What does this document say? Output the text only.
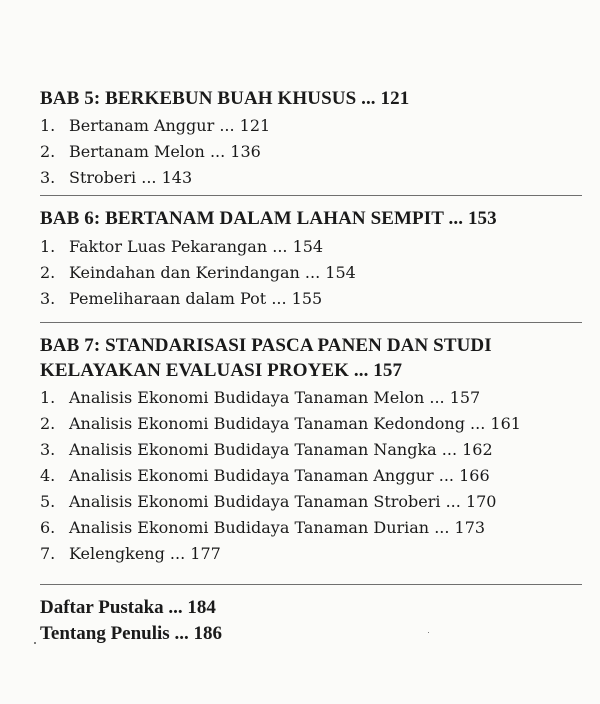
BAB 5: BERKEBUN BUAH KHUSUS ... 121
1. Bertanam Anggur ... 121
2. Bertanam Melon ... 136
3. Stroberi ... 143
BAB 6: BERTANAM DALAM LAHAN SEMPIT ... 153
1. Faktor Luas Pekarangan ... 154
2. Keindahan dan Kerindangan ... 154
3. Pemeliharaan dalam Pot ... 155
BAB 7: STANDARISASI PASCA PANEN DAN STUDI
KELAYAKAN EVALUASI PROYEK ... 157
1. Analisis Ekonomi Budidaya Tanaman Melon ... 157
2. Analisis Ekonomi Budidaya Tanaman Kedondong ... 161
3. Analisis Ekonomi Budidaya Tanaman Nangka ... 162
4. Analisis Ekonomi Budidaya Tanaman Anggur ... 166
5. Analisis Ekonomi Budidaya Tanaman Stroberi ... 170
6. Analisis Ekonomi Budidaya Tanaman Durian ... 173
7. Kelengkeng ... 177

Daftar Pustaka ... 184

Tentang Penulis ... 186
